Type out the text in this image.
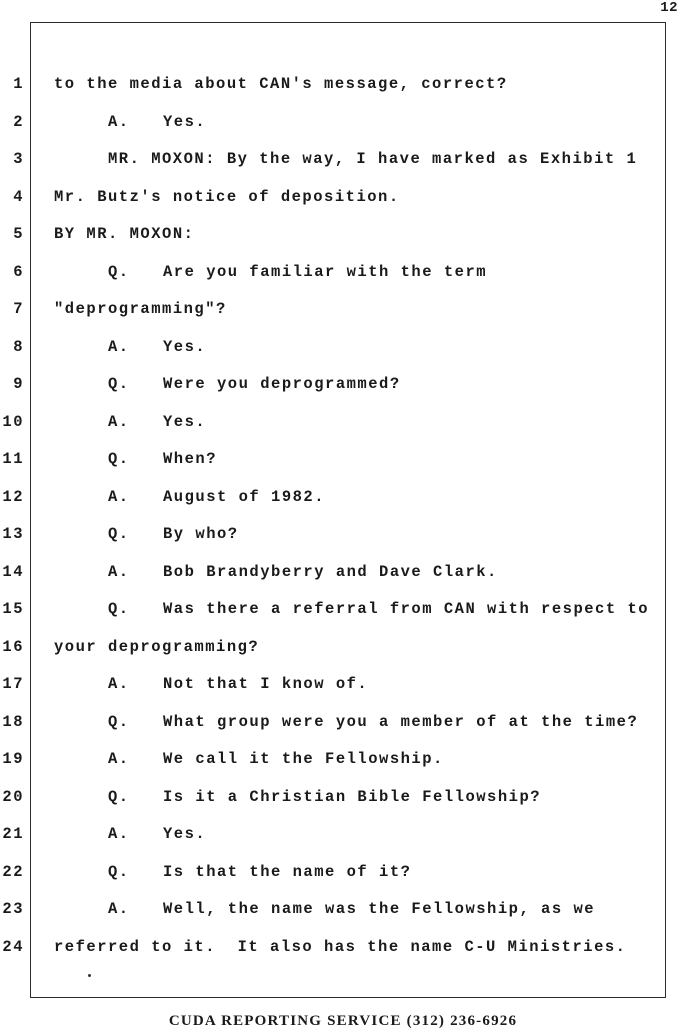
12
1 to the media about CAN's message, correct?
2	A. Yes.
3	MR. MOXON: By the way, I have marked as Exhibit 1
4 Mr. Butz's notice of deposition.
5 BY MR. MOXON:
6	Q. Are you familiar with the term
7 "deprogramming"?
8	A. Yes.
9	Q. Were you deprogrammed?
10	A. Yes.
11	Q. When?
12	A. August of 1982.
13	Q. By who?
14	A. Bob Brandyberry and Dave Clark.
15	Q. Was there a referral from CAN with respect to
16 your deprogramming?
17	A. Not that I know of.
18	Q. What group were you a member of at the time?
19	A. We call it the Fellowship.
20	Q. Is it a Christian Bible Fellowship?
21	A. Yes.
22	Q. Is that the name of it?
23	A. Well, the name was the Fellowship, as we
24 referred to it.  It also has the name C-U Ministries.
CUDA REPORTING SERVICE (312) 236-6926
